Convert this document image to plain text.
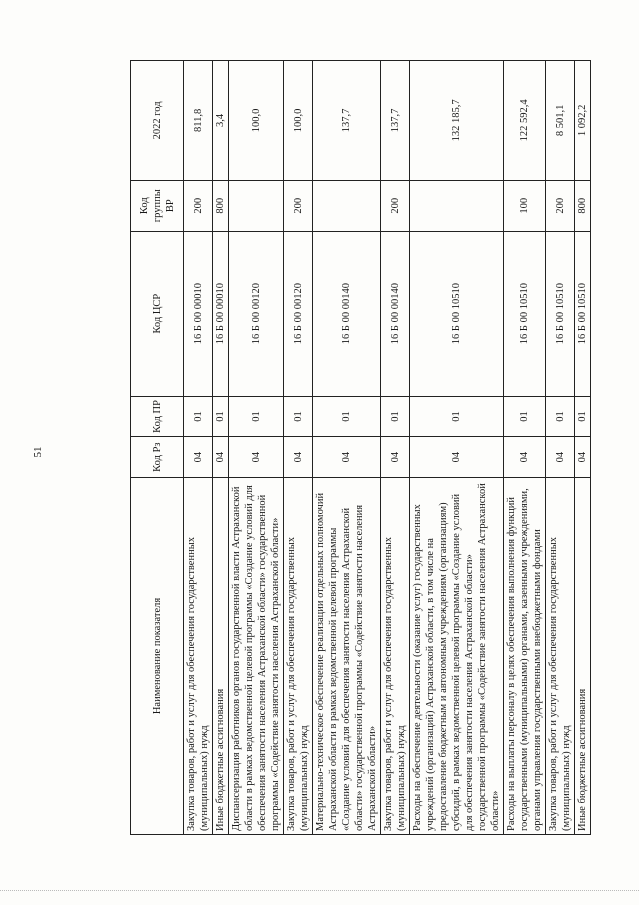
51
Наименование показателя	Код Рз	Код ПР	Код ЦСР	Код группы ВР	2022 год
Закупка товаров, работ и услуг для обеспечения государственных (муниципальных) нужд	04	01	16 Б 00 00010	200	811,8
Иные бюджетные ассигнования	04	01	16 Б 00 00010	800	3,4
Диспансеризация работников органов государственной власти Астраханской области в рамках ведомственной целевой программы «Создание условий для обеспечения занятости населения Астраханской области» государственной программы «Содействие занятости населения Астраханской области»	04	01	16 Б 00 00120		100,0
Закупка товаров, работ и услуг для обеспечения государственных (муниципальных) нужд	04	01	16 Б 00 00120	200	100,0
Материально-техническое обеспечение реализации отдельных полномочий Астраханской области в рамках ведомственной целевой программы «Создание условий для обеспечения занятости населения Астраханской области» государственной программы «Содействие занятости населения Астраханской области»	04	01	16 Б 00 00140		137,7
Закупка товаров, работ и услуг для обеспечения государственных (муниципальных) нужд	04	01	16 Б 00 00140	200	137,7
Расходы на обеспечение деятельности (оказание услуг) государственных учреждений (организаций) Астраханской области, в том числе на предоставление бюджетным и автономным учреждениям (организациям) субсидий, в рамках ведомственной целевой программы «Создание условий для обеспечения занятости населения Астраханской области» государственной программы «Содействие занятости населения Астраханской области»	04	01	16 Б 00 10510		132 185,7
Расходы на выплаты персоналу в целях обеспечения выполнения функций государственными (муниципальными) органами, казенными учреждениями, органами управления государственными внебюджетными фондами	04	01	16 Б 00 10510	100	122 592,4
Закупка товаров, работ и услуг для обеспечения государственных (муниципальных) нужд	04	01	16 Б 00 10510	200	8 501,1
Иные бюджетные ассигнования	04	01	16 Б 00 10510	800	1 092,2
